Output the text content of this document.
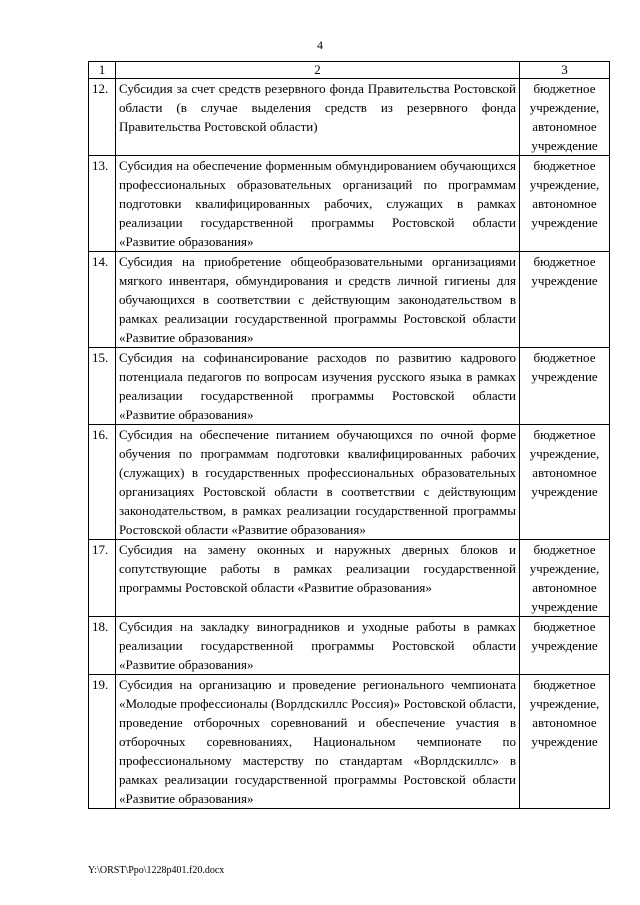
4
1	2	3
12.	Субсидия за счет средств резервного фонда Правительства Ростовской области (в случае выделения средств из резервного фонда Правительства Ростовской области)	бюджетное учреждение, автономное учреждение
13.	Субсидия на обеспечение форменным обмундированием обучающихся профессиональных образовательных организаций по программам подготовки квалифицированных рабочих, служащих в рамках реализации государственной программы Ростовской области «Развитие образования»	бюджетное учреждение, автономное учреждение
14.	Субсидия на приобретение общеобразовательными организациями мягкого инвентаря, обмундирования и средств личной гигиены для обучающихся в соответствии с действующим законодательством в рамках реализации государственной программы Ростовской области «Развитие образования»	бюджетное учреждение
15.	Субсидия на софинансирование расходов по развитию кадрового потенциала педагогов по вопросам изучения русского языка в рамках реализации государственной программы Ростовской области «Развитие образования»	бюджетное учреждение
16.	Субсидия на обеспечение питанием обучающихся по очной форме обучения по программам подготовки квалифицированных рабочих (служащих) в государственных профессиональных образовательных организациях Ростовской области в соответствии с действующим законодательством, в рамках реализации государственной программы Ростовской области «Развитие образования»	бюджетное учреждение, автономное учреждение
17.	Субсидия на замену оконных и наружных дверных блоков и сопутствующие работы в рамках реализации государственной программы Ростовской области «Развитие образования»	бюджетное учреждение, автономное учреждение
18.	Субсидия на закладку виноградников и уходные работы в рамках реализации государственной программы Ростовской области «Развитие образования»	бюджетное учреждение
19.	Субсидия на организацию и проведение регионального чемпионата «Молодые профессионалы (Ворлдскиллс Россия)» Ростовской области, проведение отборочных соревнований и обеспечение участия в отборочных соревнованиях, Национальном чемпионате по профессиональному мастерству по стандартам «Ворлдскиллс» в рамках реализации государственной программы Ростовской области «Развитие образования»	бюджетное учреждение, автономное учреждение
Y:\ORST\Ppo\1228p401.f20.docx
